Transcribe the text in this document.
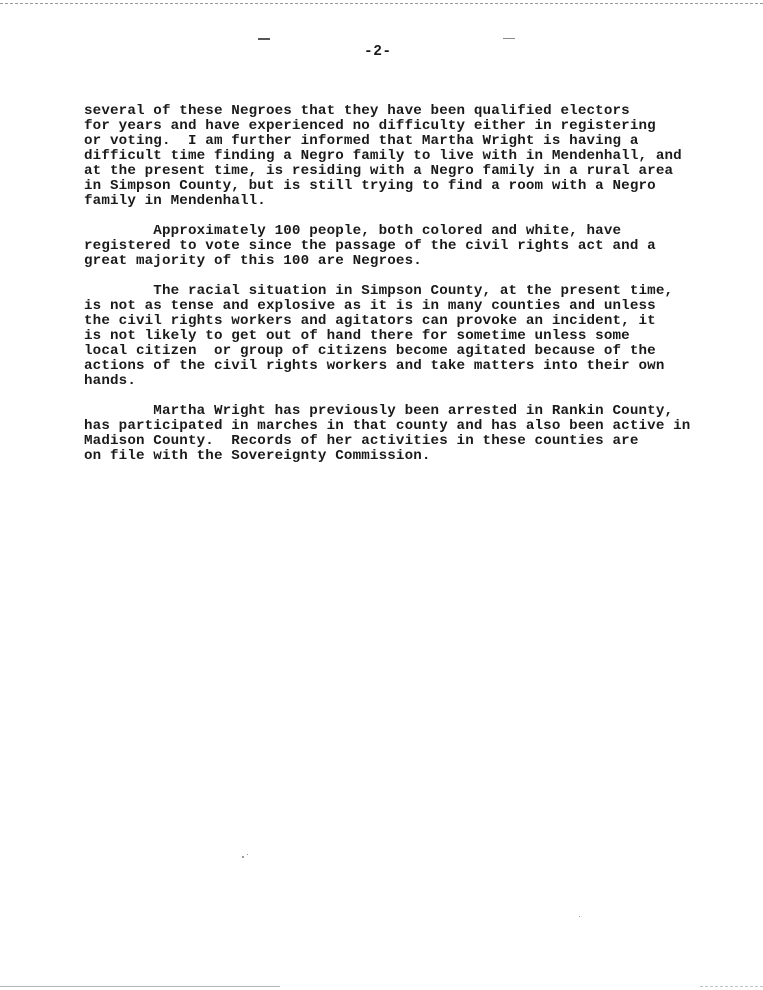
-2-
several of these Negroes that they have been qualified electors
for years and have experienced no difficulty either in registering
or voting.  I am further informed that Martha Wright is having a
difficult time finding a Negro family to live with in Mendenhall, and
at the present time, is residing with a Negro family in a rural area
in Simpson County, but is still trying to find a room with a Negro
family in Mendenhall.
Approximately 100 people, both colored and white, have
registered to vote since the passage of the civil rights act and a
great majority of this 100 are Negroes.
The racial situation in Simpson County, at the present time,
is not as tense and explosive as it is in many counties and unless
the civil rights workers and agitators can provoke an incident, it
is not likely to get out of hand there for sometime unless some
local citizen  or group of citizens become agitated because of the
actions of the civil rights workers and take matters into their own
hands.
Martha Wright has previously been arrested in Rankin County,
has participated in marches in that county and has also been active in
Madison County.  Records of her activities in these counties are
on file with the Sovereignty Commission.
